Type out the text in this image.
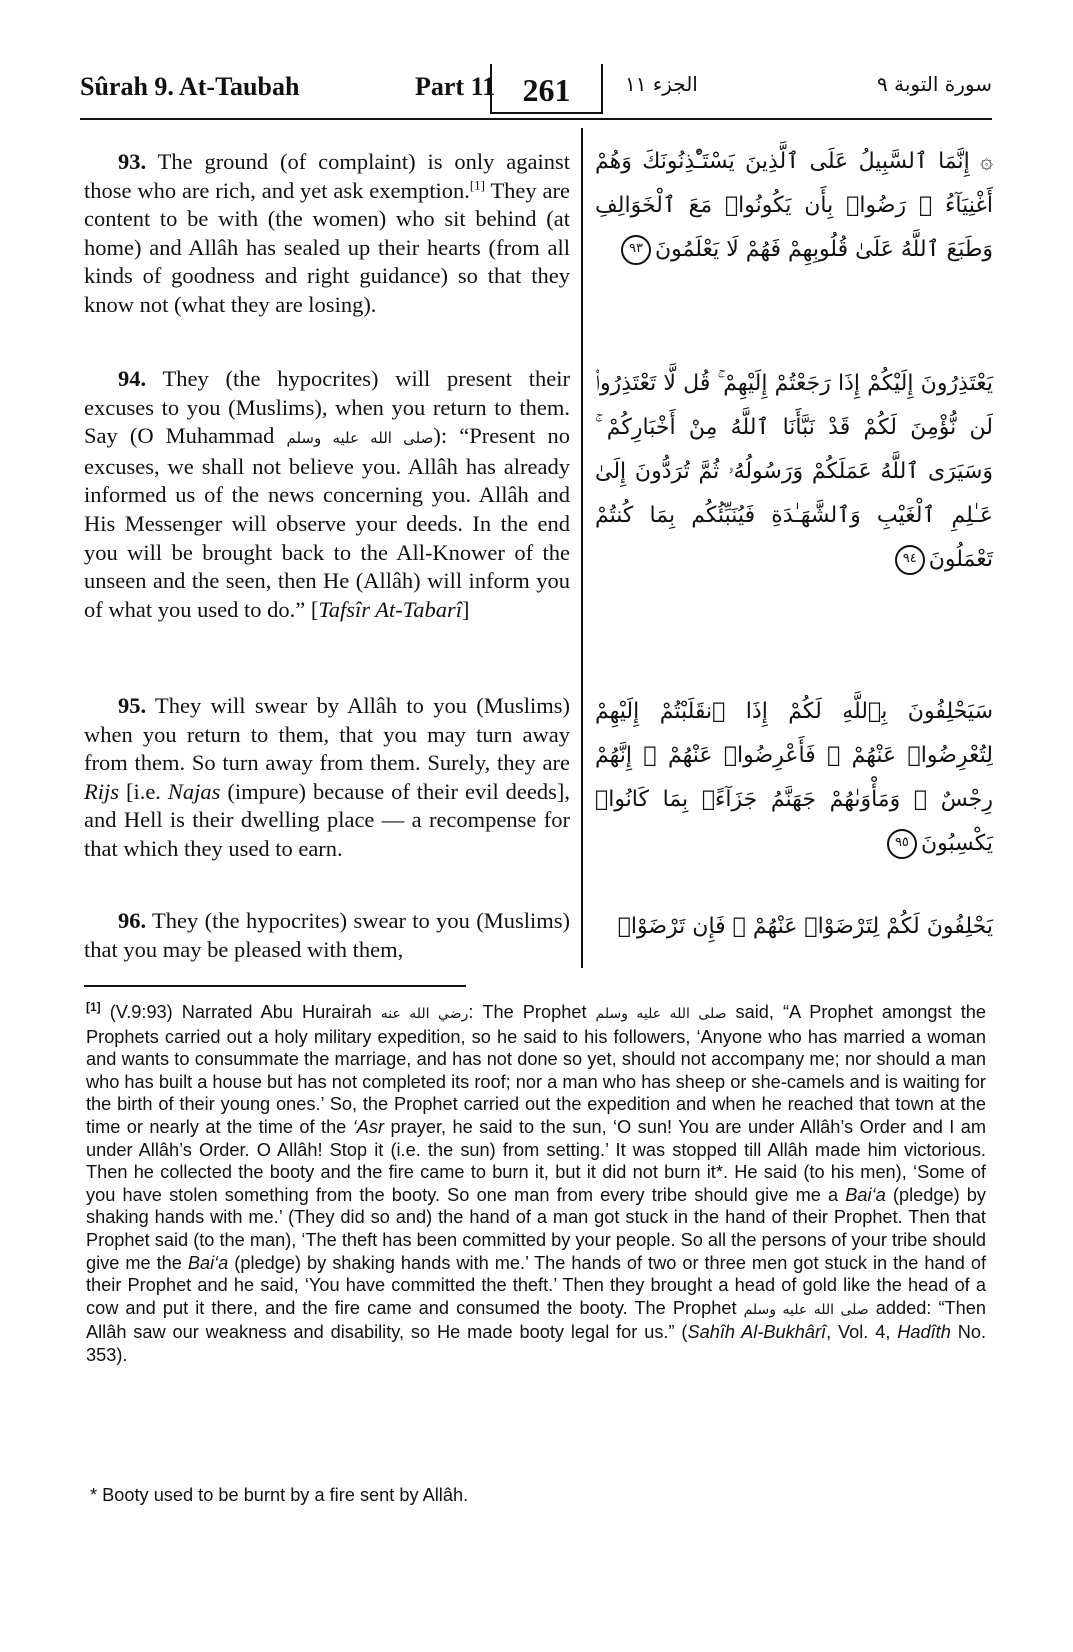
Sûrah 9. At-Taubah	Part 11 261	الجزء ١١	سورة التوبة ٩
93. The ground (of complaint) is only against those who are rich, and yet ask exemption.[1] They are content to be with (the women) who sit behind (at home) and Allâh has sealed up their hearts (from all kinds of goodness and right guidance) so that they know not (what they are losing).
۞ إِنَّمَا ٱلسَّبِيلُ عَلَى ٱلَّذِينَ يَسْتَـْٔذِنُونَكَ وَهُمْ أَغْنِيَآءُ ۚ رَضُوا۟ بِأَن يَكُونُوا۟ مَعَ ٱلْخَوَالِفِ وَطَبَعَ ٱللَّهُ عَلَىٰ قُلُوبِهِمْ فَهُمْ لَا يَعْلَمُونَ٩٣
94. They (the hypocrites) will present their excuses to you (Muslims), when you return to them. Say (O Muhammad صلى الله عليه وسلم): “Present no excuses, we shall not believe you. Allâh has already informed us of the news concerning you. Allâh and His Messenger will observe your deeds. In the end you will be brought back to the All-Knower of the unseen and the seen, then He (Allâh) will inform you of what you used to do.” [Tafsîr At-Tabarî]
يَعْتَذِرُونَ إِلَيْكُمْ إِذَا رَجَعْتُمْ إِلَيْهِمْ ۚ قُل لَّا تَعْتَذِرُوا۟ لَن نُّؤْمِنَ لَكُمْ قَدْ نَبَّأَنَا ٱللَّهُ مِنْ أَخْبَارِكُمْ ۚ وَسَيَرَى ٱللَّهُ عَمَلَكُمْ وَرَسُولُهُۥ ثُمَّ تُرَدُّونَ إِلَىٰ عَـٰلِمِ ٱلْغَيْبِ وَٱلشَّهَـٰدَةِ فَيُنَبِّئُكُم بِمَا كُنتُمْ تَعْمَلُونَ٩٤
95. They will swear by Allâh to you (Muslims) when you return to them, that you may turn away from them. So turn away from them. Surely, they are Rijs [i.e. Najas (impure) because of their evil deeds], and Hell is their dwelling place — a recompense for that which they used to earn.
سَيَحْلِفُونَ بِٱللَّهِ لَكُمْ إِذَا ٱنقَلَبْتُمْ إِلَيْهِمْ لِتُعْرِضُوا۟ عَنْهُمْ ۖ فَأَعْرِضُوا۟ عَنْهُمْ ۖ إِنَّهُمْ رِجْسٌ ۖ وَمَأْوَىٰهُمْ جَهَنَّمُ جَزَآءًۢ بِمَا كَانُوا۟ يَكْسِبُونَ٩٥
96. They (the hypocrites) swear to you (Muslims) that you may be pleased with them,
يَحْلِفُونَ لَكُمْ لِتَرْضَوْا۟ عَنْهُمْ ۖ فَإِن تَرْضَوْا۟
[1] (V.9:93) Narrated Abu Hurairah رضي الله عنه: The Prophet صلى الله عليه وسلم said, “A Prophet amongst the Prophets carried out a holy military expedition, so he said to his followers, ‘Anyone who has married a woman and wants to consummate the marriage, and has not done so yet, should not accompany me; nor should a man who has built a house but has not completed its roof; nor a man who has sheep or she-camels and is waiting for the birth of their young ones.’ So, the Prophet carried out the expedition and when he reached that town at the time or nearly at the time of the ‘Asr prayer, he said to the sun, ‘O sun! You are under Allâh’s Order and I am under Allâh’s Order. O Allâh! Stop it (i.e. the sun) from setting.’ It was stopped till Allâh made him victorious. Then he collected the booty and the fire came to burn it, but it did not burn it*. He said (to his men), ‘Some of you have stolen something from the booty. So one man from every tribe should give me a Bai‘a (pledge) by shaking hands with me.’ (They did so and) the hand of a man got stuck in the hand of their Prophet. Then that Prophet said (to the man), ‘The theft has been committed by your people. So all the persons of your tribe should give me the Bai‘a (pledge) by shaking hands with me.’ The hands of two or three men got stuck in the hand of their Prophet and he said, ‘You have committed the theft.’ Then they brought a head of gold like the head of a cow and put it there, and the fire came and consumed the booty. The Prophet صلى الله عليه وسلم added: “Then Allâh saw our weakness and disability, so He made booty legal for us.” (Sahîh Al-Bukhârî, Vol. 4, Hadîth No. 353).
* Booty used to be burnt by a fire sent by Allâh.
